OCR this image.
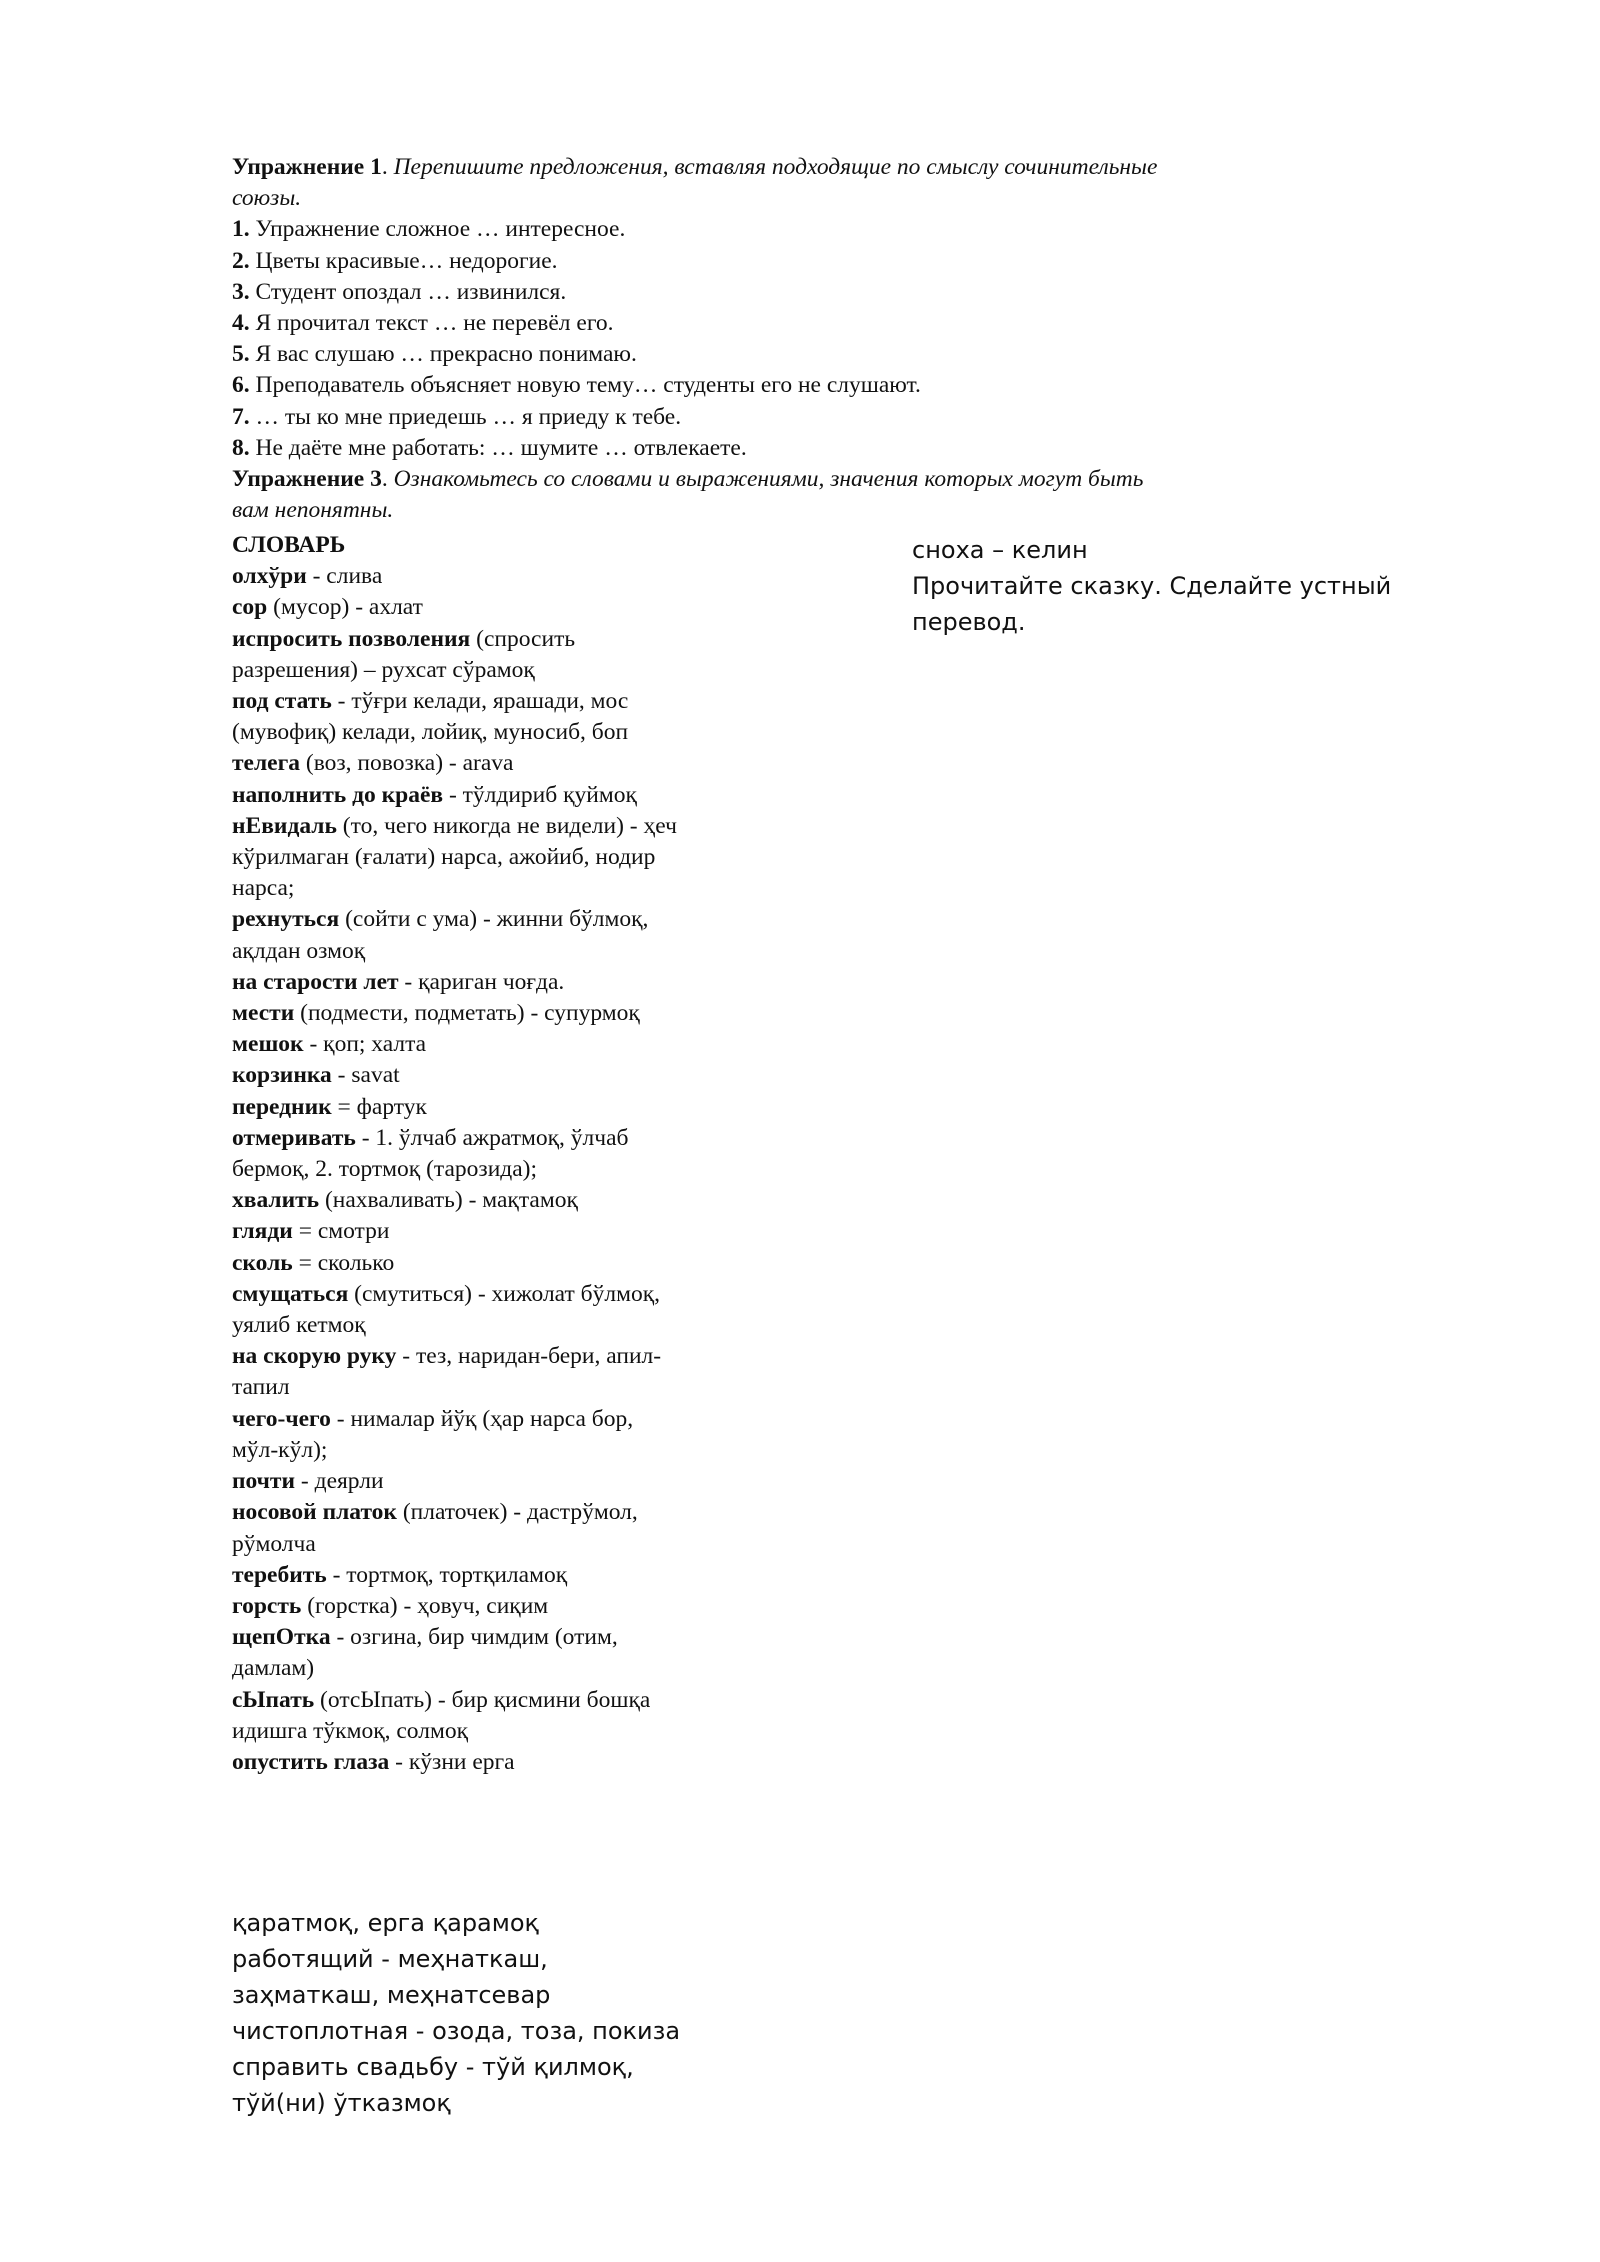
Упражнение 1. Перепишите предложения, вставляя подходящие по смыслу сочинительные союзы.

1. Упражнение сложное … интересное.

2. Цветы красивые… недорогие.

3. Студент опоздал … извинился.

4. Я прочитал текст … не перевёл его.

5. Я вас слушаю … прекрасно понимаю.

6. Преподаватель объясняет новую тему… студенты его не слушают.

7. … ты ко мне приедешь … я приеду к тебе.

8. Не даёте мне работать: … шумите … отвлекаете.

Упражнение 3. Ознакомьтесь со словами и выражениями, значения которых могут быть вам непонятны.

СЛОВАРЬ

олхўри - слива

сор (мусор) - ахлат

испросить позволения (спросить разрешения) – рухсат сўрамоқ

под стать - тўғри келади, ярашади, мос (мувофиқ) келади, лойиқ, муносиб, боп

телега (воз, повозка) - arava

наполнить до краёв - тўлдириб қуймоқ

нЕвидаль (то, чего никогда не видели) - ҳеч кўрилмаган (ғалати) нарса, ажойиб, нодир нарса;

рехнуться (сойти с ума) - жинни бўлмоқ, ақлдан озмоқ

на старости лет - қариган чоғда.

мести (подмести, подметать) - супурмоқ

мешок - қоп; халта

корзинка - savat

передник = фартук

отмеривать - 1. ўлчаб ажратмоқ, ўлчаб бермоқ, 2. тортмоқ (тарозида);

хвалить (нахваливать) - мақтамоқ

гляди = смотри

сколь = сколько

смущаться (смутиться) - хижолат бўлмоқ, уялиб кетмоқ

на скорую руку - тез, наридан-бери, апил-тапил

чего-чего - нималар йўқ (ҳар нарса бор, мўл-кўл);

почти - деярли

носовой платок (платочек) - дастрўмол, рўмолча

теребить - тортмоқ, тортқиламоқ

горсть (горстка) - ҳовуч, сиқим

щепОтка - озгина, бир чимдим (отим, дамлам)

сЫпать (отсЫпать) - бир қисмини бошқа идишга тўкмоқ, солмоқ

опустить глаза - кўзни ерга

қаратмоқ, ерга қарамоқ
работящий - меҳнаткаш, заҳматкаш, меҳнатсевар
чистоплотная - озода, тоза, покиза
справить свадьбу - тўй қилмоқ, тўй(ни) ўтказмоқ

сноха – келин

Прочитайте сказку. Сделайте устный перевод.
